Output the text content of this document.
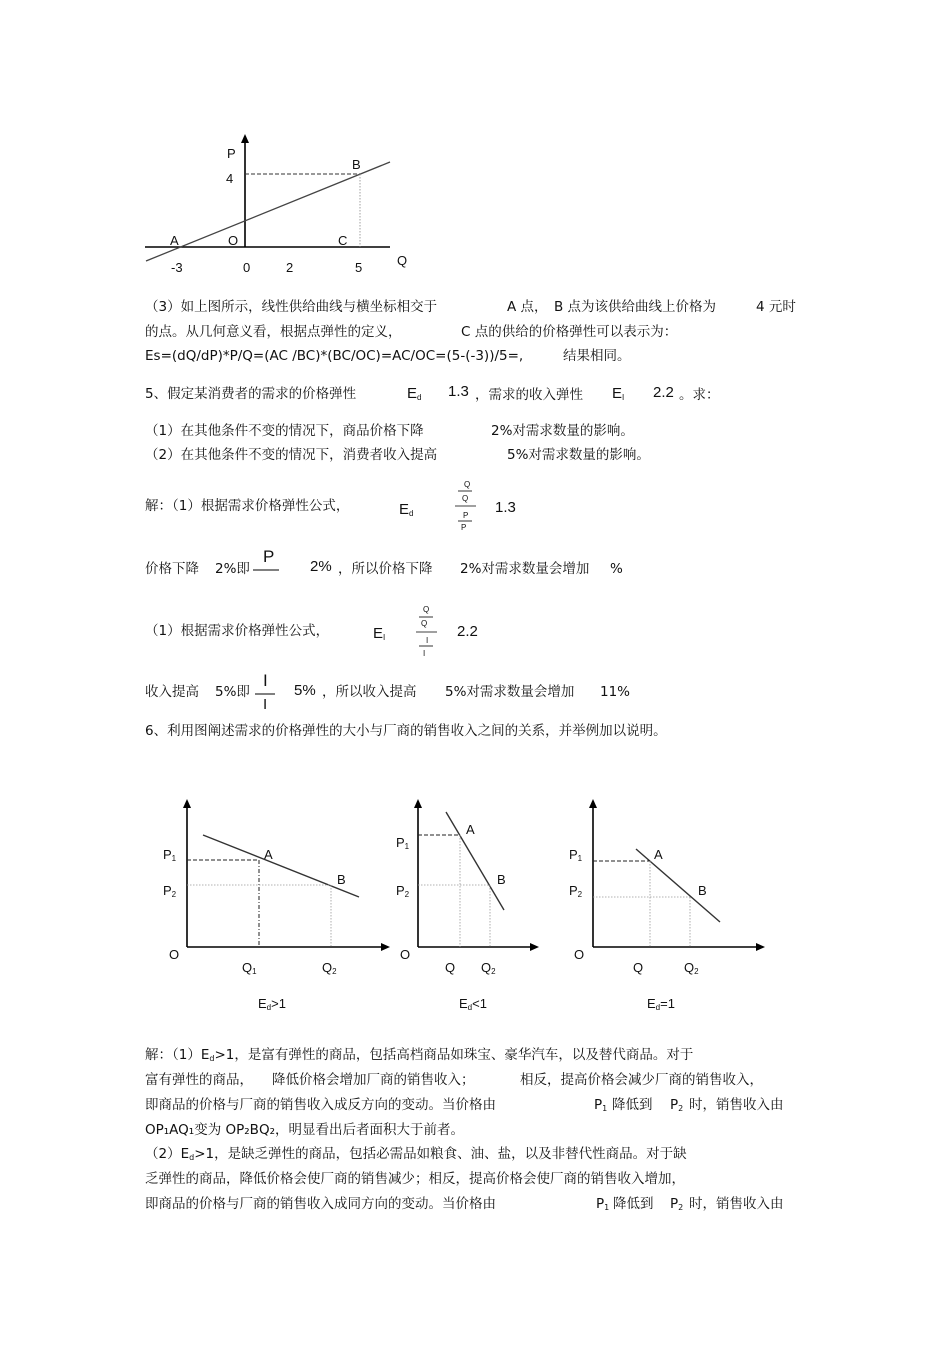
P
B
4
A	O	C
Q
-3	0	2	5
（3）如上图所示，线性供给曲线与横坐标相交于	A 点， B 点为该供给曲线上价格为	4 元时
的点。从几何意义看，根据点弹性的定义，	C 点的供给的价格弹性可以表示为：
Es=(dQ/dP)*P/Q=(AC /BC)*(BC/OC)=AC/OC=(5-(-3))/5=,	结果相同。
5、假定某消费者的需求的价格弹性	$E_d$ 1.3 ，需求的收入弹性 $E_I$ 2.2 。求：
（1）在其他条件不变的情况下，商品价格下降	2%对需求数量的影响。
（2）在其他条件不变的情况下，消费者收入提高	5%对需求数量的影响。
解：（1）根据需求价格弹性公式，	$E_d$
Q
Q
P
P
1.3
价格下降 2%即
P
2% ，所以价格下降 2%对需求数量会增加 %
（1）根据需求价格弹性公式，	$E_I$
Q
Q
I
I
2.2
收入提高 5%即
I
I
5% ，所以收入提高 5%对需求数量会增加 11%
6、利用图阐述需求的价格弹性的大小与厂商的销售收入之间的关系，并举例加以说明。
$P_1$
$P_2$
A
B
O
$Q_1$	$Q_2$
$E_d>1$
$P_1$
$P_2$
A
B
O
Q $Q_2$
$E_d<1$
$P_1$
$P_2$
A
B
O
Q	$Q_2$
$E_d=1$
解：$(1)E_d>1$，是富有弹性的商品，包括高档商品如珠宝、豪华汽车，以及替代商品。对于
富有弹性的商品， 降低价格会增加厂商的销售收入；	相反，提高价格会减少厂商的销售收入，
即商品的价格与厂商的销售收入成反方向的变动。当价格由	$P_1$ 降低到 $P_2$ 时，销售收入由
OP₁AQ₁变为 OP₂BQ₂，明显看出后者面积大于前者。
$(2)E_d>1$，是缺乏弹性的商品，包括必需品如粮食、油、盐，以及非替代性商品。对于缺
乏弹性的商品，降低价格会使厂商的销售减少；相反，提高价格会使厂商的销售收入增加，
即商品的价格与厂商的销售收入成同方向的变动。当价格由	$P_1$ 降低到 $P_2$ 时，销售收入由
